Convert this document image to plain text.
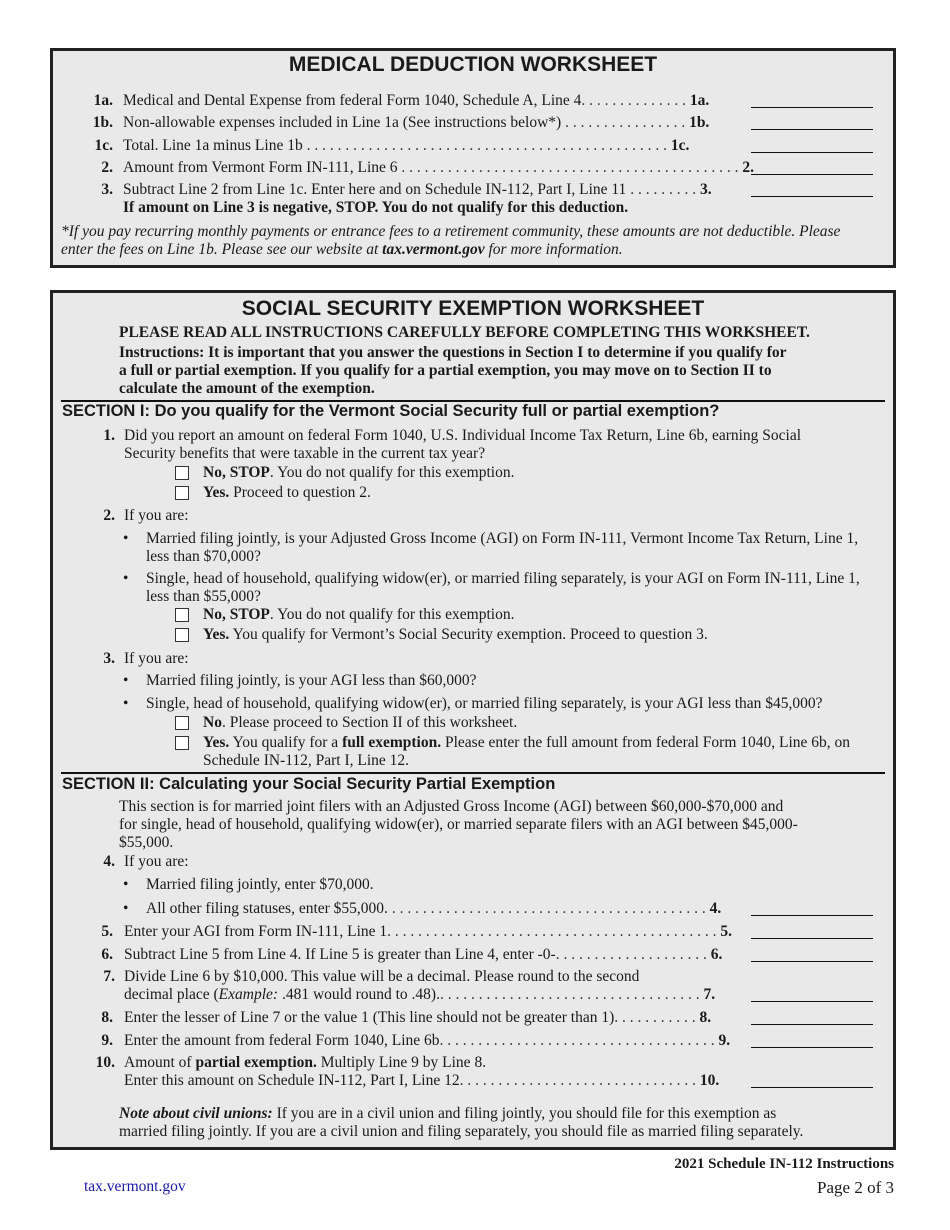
MEDICAL DEDUCTION WORKSHEET
1a. Medical and Dental Expense from federal Form 1040, Schedule A, Line 4. . . . . . . . . . . . . . 1a.
1b. Non-allowable expenses included in Line 1a (See instructions below*) . . . . . . . . . . . . . . . . 1b.
1c. Total. Line 1a minus Line 1b . . . . . . . . . . . . . . . . . . . . . . . . . . . . . . . . . . . . . . . . . . . . . . . 1c.
2. Amount from Vermont Form IN-111, Line 6 . . . . . . . . . . . . . . . . . . . . . . . . . . . . . . . . . . . . . . . . . . . . 2.
3. Subtract Line 2 from Line 1c. Enter here and on Schedule IN-112, Part I, Line 11 . . . . . . . . . 3.
If amount on Line 3 is negative, STOP. You do not qualify for this deduction.
*If you pay recurring monthly payments or entrance fees to a retirement community, these amounts are not deductible. Please
enter the fees on Line 1b. Please see our website at tax.vermont.gov for more information.
SOCIAL SECURITY EXEMPTION WORKSHEET
PLEASE READ ALL INSTRUCTIONS CAREFULLY BEFORE COMPLETING THIS WORKSHEET.
Instructions: It is important that you answer the questions in Section I to determine if you qualify for
a full or partial exemption. If you qualify for a partial exemption, you may move on to Section II to
calculate the amount of the exemption.
SECTION I: Do you qualify for the Vermont Social Security full or partial exemption?
1. Did you report an amount on federal Form 1040, U.S. Individual Income Tax Return, Line 6b, earning Social
Security benefits that were taxable in the current tax year?
No, STOP. You do not qualify for this exemption.
Yes. Proceed to question 2.
2. If you are:
• Married filing jointly, is your Adjusted Gross Income (AGI) on Form IN-111, Vermont Income Tax Return, Line 1,
less than $70,000?
• Single, head of household, qualifying widow(er), or married filing separately, is your AGI on Form IN-111, Line 1,
less than $55,000?
No, STOP. You do not qualify for this exemption.
Yes. You qualify for Vermont’s Social Security exemption. Proceed to question 3.
3. If you are:
• Married filing jointly, is your AGI less than $60,000?
• Single, head of household, qualifying widow(er), or married filing separately, is your AGI less than $45,000?
No. Please proceed to Section II of this worksheet.
Yes. You qualify for a full exemption. Please enter the full amount from federal Form 1040, Line 6b, on
Schedule IN-112, Part I, Line 12.
SECTION II: Calculating your Social Security Partial Exemption
This section is for married joint filers with an Adjusted Gross Income (AGI) between $60,000-$70,000 and
for single, head of household, qualifying widow(er), or married separate filers with an AGI between $45,000-
$55,000.
4. If you are:
• Married filing jointly, enter $70,000.
• All other filing statuses, enter $55,000. . . . . . . . . . . . . . . . . . . . . . . . . . . . . . . . . . . . . . . . . . 4.
5. Enter your AGI from Form IN-111, Line 1. . . . . . . . . . . . . . . . . . . . . . . . . . . . . . . . . . . . . . . . . . . 5.
6. Subtract Line 5 from Line 4. If Line 5 is greater than Line 4, enter -0-. . . . . . . . . . . . . . . . . . . . 6.
7. Divide Line 6 by $10,000. This value will be a decimal. Please round to the second
decimal place (Example: .481 would round to .48).. . . . . . . . . . . . . . . . . . . . . . . . . . . . . . . . . . 7.
8. Enter the lesser of Line 7 or the value 1 (This line should not be greater than 1). . . . . . . . . . . 8.
9. Enter the amount from federal Form 1040, Line 6b. . . . . . . . . . . . . . . . . . . . . . . . . . . . . . . . . . . . 9.
10. Amount of partial exemption. Multiply Line 9 by Line 8.
Enter this amount on Schedule IN-112, Part I, Line 12. . . . . . . . . . . . . . . . . . . . . . . . . . . . . . . 10.
Note about civil unions: If you are in a civil union and filing jointly, you should file for this exemption as
married filing jointly. If you are a civil union and filing separately, you should file as married filing separately.
2021 Schedule IN-112 Instructions
tax.vermont.gov	Page 2 of 3
